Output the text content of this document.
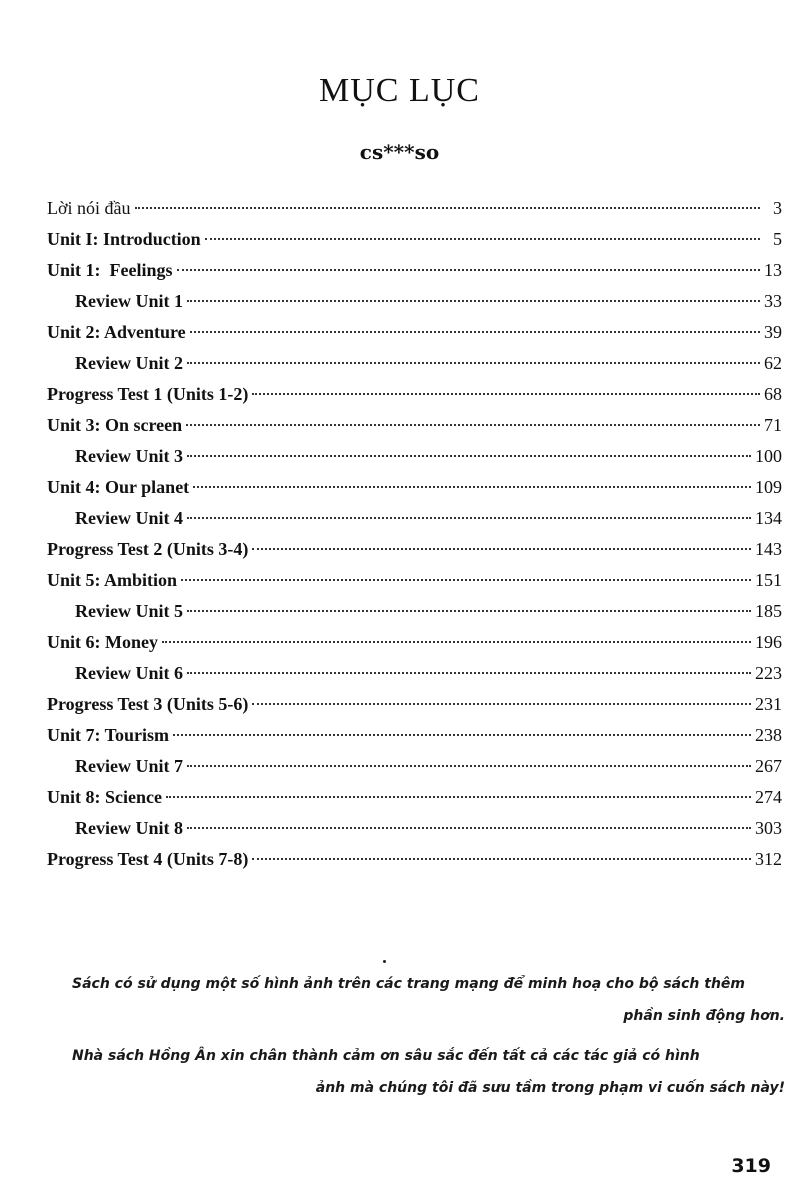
MỤC LỤC
cs***so
Lời nói đầu	3
Unit I: Introduction	5
Unit 1:  Feelings	13
Review Unit 1	33
Unit 2: Adventure	39
Review Unit 2	62
Progress Test 1 (Units 1-2)	68
Unit 3: On screen	71
Review Unit 3	100
Unit 4: Our planet	109
Review Unit 4	134
Progress Test 2 (Units 3-4)	143
Unit 5: Ambition	151
Review Unit 5	185
Unit 6: Money	196
Review Unit 6	223
Progress Test 3 (Units 5-6)	231
Unit 7: Tourism	238
Review Unit 7	267
Unit 8: Science	274
Review Unit 8	303
Progress Test 4 (Units 7-8)	312
Sách có sử dụng một số hình ảnh trên các trang mạng để minh hoạ cho bộ sách thêm
phần sinh động hơn.
Nhà sách Hồng Ân xin chân thành cảm ơn sâu sắc đến tất cả các tác giả có hình
ảnh mà chúng tôi đã sưu tầm trong phạm vi cuốn sách này!
319
